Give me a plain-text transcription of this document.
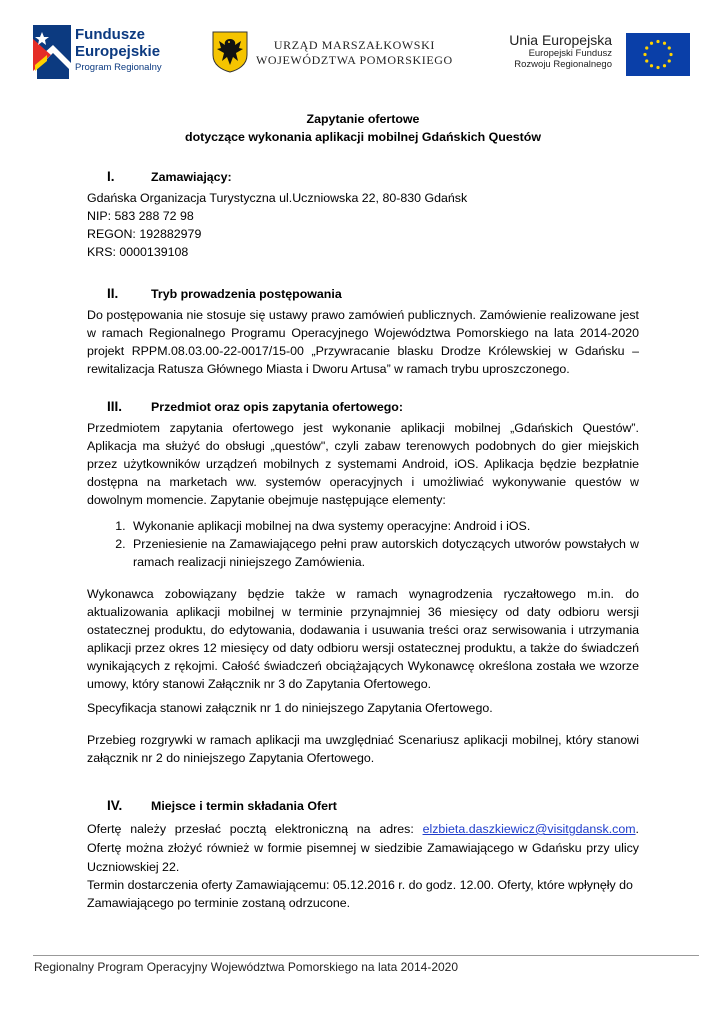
Fundusze
Europejskie
Program Regionalny
URZĄD MARSZAŁKOWSKI
WOJEWÓDZTWA POMORSKIEGO
Unia Europejska
Europejski Fundusz
Rozwoju Regionalnego
Zapytanie ofertowe
dotyczące wykonania aplikacji mobilnej Gdańskich Questów
I.	Zamawiający:
Gdańska Organizacja Turystyczna ul.Uczniowska 22, 80-830 Gdańsk
NIP: 583 288 72 98
REGON: 192882979
KRS: 0000139108
II.	Tryb prowadzenia postępowania
Do postępowania nie stosuje się ustawy prawo zamówień publicznych. Zamówienie realizowane jest w ramach Regionalnego Programu Operacyjnego Województwa Pomorskiego na lata 2014-2020 projekt RPPM.08.03.00-22-0017/15-00 „Przywracanie blasku Drodze Królewskiej w Gdańsku – rewitalizacja Ratusza Głównego Miasta i Dworu Artusa” w ramach trybu uproszczonego.
III. Przedmiot oraz opis zapytania ofertowego:
Przedmiotem zapytania ofertowego jest wykonanie aplikacji mobilnej „Gdańskich Questów”. Aplikacja ma służyć do obsługi „questów", czyli zabaw terenowych podobnych do gier miejskich przez użytkowników urządzeń mobilnych z systemami Android, iOS. Aplikacja będzie bezpłatnie dostępna na marketach ww. systemów operacyjnych i umożliwiać wykonywanie questów w dowolnym momencie. Zapytanie obejmuje następujące elementy:
1. Wykonanie aplikacji mobilnej na dwa systemy operacyjne: Android i iOS.
2. Przeniesienie na Zamawiającego pełni praw autorskich dotyczących utworów powstałych w ramach realizacji niniejszego Zamówienia.
Wykonawca zobowiązany będzie także w ramach wynagrodzenia ryczałtowego m.in. do aktualizowania aplikacji mobilnej w terminie przynajmniej 36 miesięcy od daty odbioru wersji ostatecznej produktu, do edytowania, dodawania i usuwania treści oraz serwisowania i utrzymania aplikacji przez okres 12 miesięcy od daty odbioru wersji ostatecznej produktu, a także do świadczeń wynikających z rękojmi. Całość świadczeń obciążających Wykonawcę określona została we wzorze umowy, który stanowi Załącznik nr 3 do Zapytania Ofertowego.
Specyfikacja stanowi załącznik nr 1 do niniejszego Zapytania Ofertowego.
Przebieg rozgrywki w ramach aplikacji ma uwzględniać Scenariusz aplikacji mobilnej, który stanowi załącznik nr 2 do niniejszego Zapytania Ofertowego.
IV. Miejsce i termin składania Ofert
Ofertę należy przesłać pocztą elektroniczną na adres: elzbieta.daszkiewicz@visitgdansk.com. Ofertę można złożyć również w formie pisemnej w siedzibie Zamawiającego w Gdańsku przy ulicy Uczniowskiej 22.
Termin dostarczenia oferty Zamawiającemu: 05.12.2016 r. do godz. 12.00. Oferty, które wpłynęły do Zamawiającego po terminie zostaną odrzucone.
Regionalny Program Operacyjny Województwa Pomorskiego na lata 2014-2020
